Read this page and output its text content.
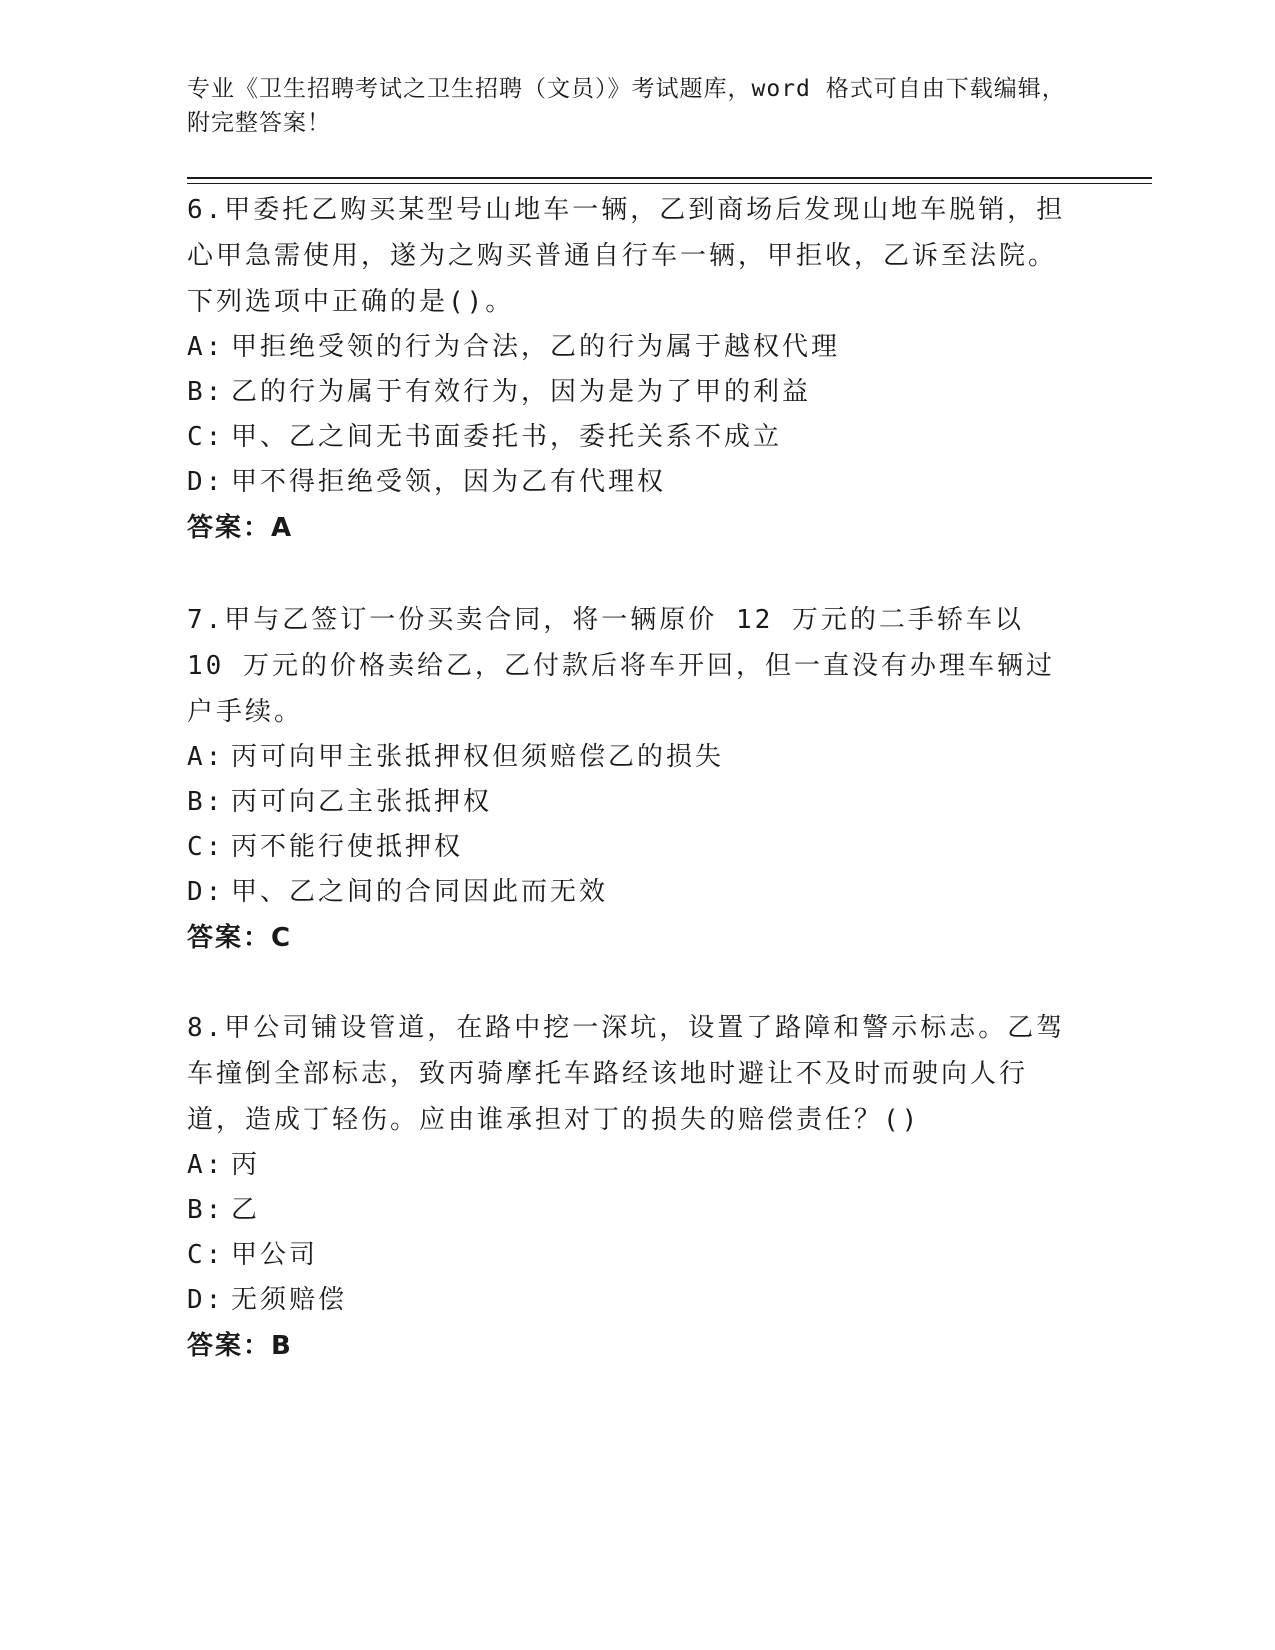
专业《卫生招聘考试之卫生招聘（文员）》考试题库，word 格式可自由下载编辑，附完整答案！

6.甲委托乙购买某型号山地车一辆，乙到商场后发现山地车脱销，担心甲急需使用，遂为之购买普通自行车一辆，甲拒收，乙诉至法院。下列选项中正确的是()。

A: 甲拒绝受领的行为合法，乙的行为属于越权代理
B: 乙的行为属于有效行为，因为是为了甲的利益
C: 甲、乙之间无书面委托书，委托关系不成立
D: 甲不得拒绝受领，因为乙有代理权

答案：A

7.甲与乙签订一份买卖合同，将一辆原价 12 万元的二手轿车以 10 万元的价格卖给乙，乙付款后将车开回，但一直没有办理车辆过户手续。

A: 丙可向甲主张抵押权但须赔偿乙的损失
B: 丙可向乙主张抵押权
C: 丙不能行使抵押权
D: 甲、乙之间的合同因此而无效

答案：C

8.甲公司铺设管道，在路中挖一深坑，设置了路障和警示标志。乙驾车撞倒全部标志，致丙骑摩托车路经该地时避让不及时而驶向人行道，造成丁轻伤。应由谁承担对丁的损失的赔偿责任？()

A: 丙
B: 乙
C: 甲公司
D: 无须赔偿

答案：B
